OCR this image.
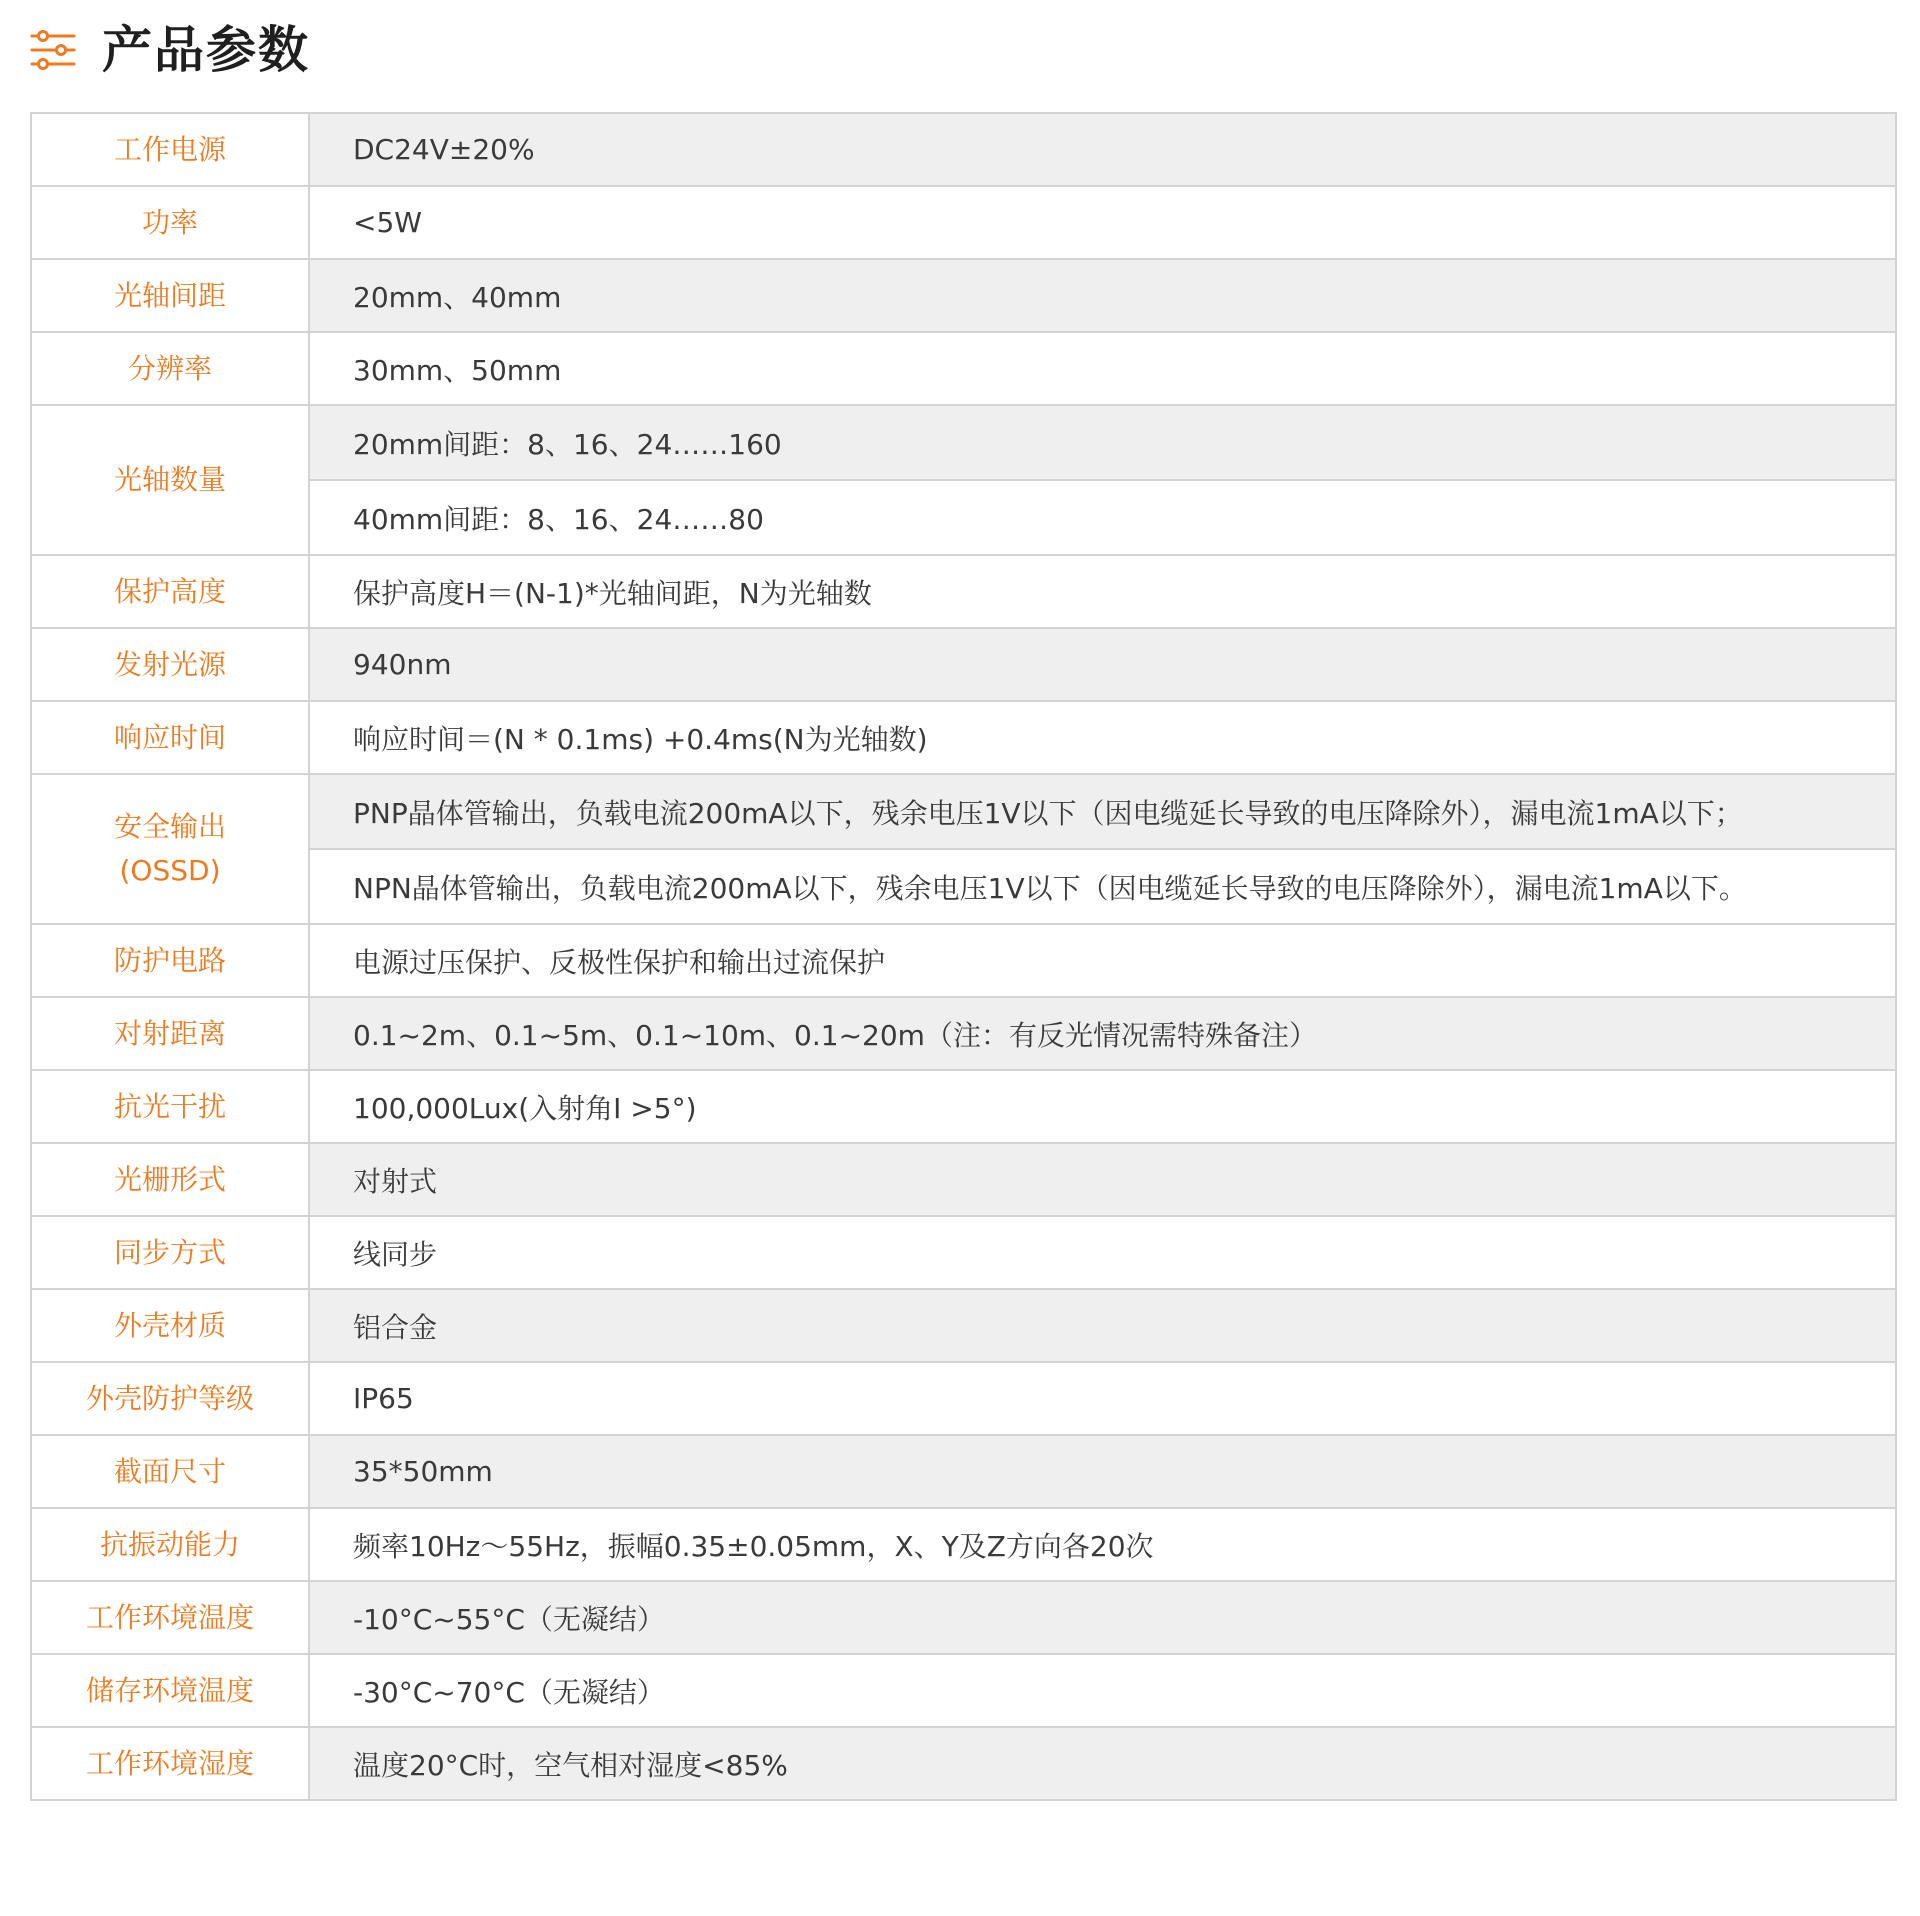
产品参数
工作电源	DC24V±20%
功率	<5W
光轴间距	20mm、40mm
分辨率	30mm、50mm
光轴数量	20mm间距：8、16、24……160
	40mm间距：8、16、24……80
保护高度	保护高度H＝(N-1)*光轴间距，N为光轴数
发射光源	940nm
响应时间	响应时间＝(N * 0.1ms) +0.4ms(N为光轴数)

安全输出
(OSSD)	PNP晶体管输出，负载电流200mA以下，残余电压1V以下（因电缆延长导致的电压降除外），漏电流1mA以下；
	NPN晶体管输出，负载电流200mA以下，残余电压1V以下（因电缆延长导致的电压降除外），漏电流1mA以下。
防护电路	电源过压保护、反极性保护和输出过流保护
对射距离	0.1~2m、0.1~5m、0.1~10m、0.1~20m（注：有反光情况需特殊备注）
抗光干扰	100,000Lux(入射角I >5°)
光栅形式	对射式
同步方式	线同步
外壳材质	铝合金
外壳防护等级	IP65
截面尺寸	35*50mm
抗振动能力	频率10Hz～55Hz，振幅0.35±0.05mm，X、Y及Z方向各20次
工作环境温度	-10°C~55°C（无凝结）
储存环境温度	-30°C~70°C（无凝结）
工作环境湿度	温度20°C时，空气相对湿度<85%
